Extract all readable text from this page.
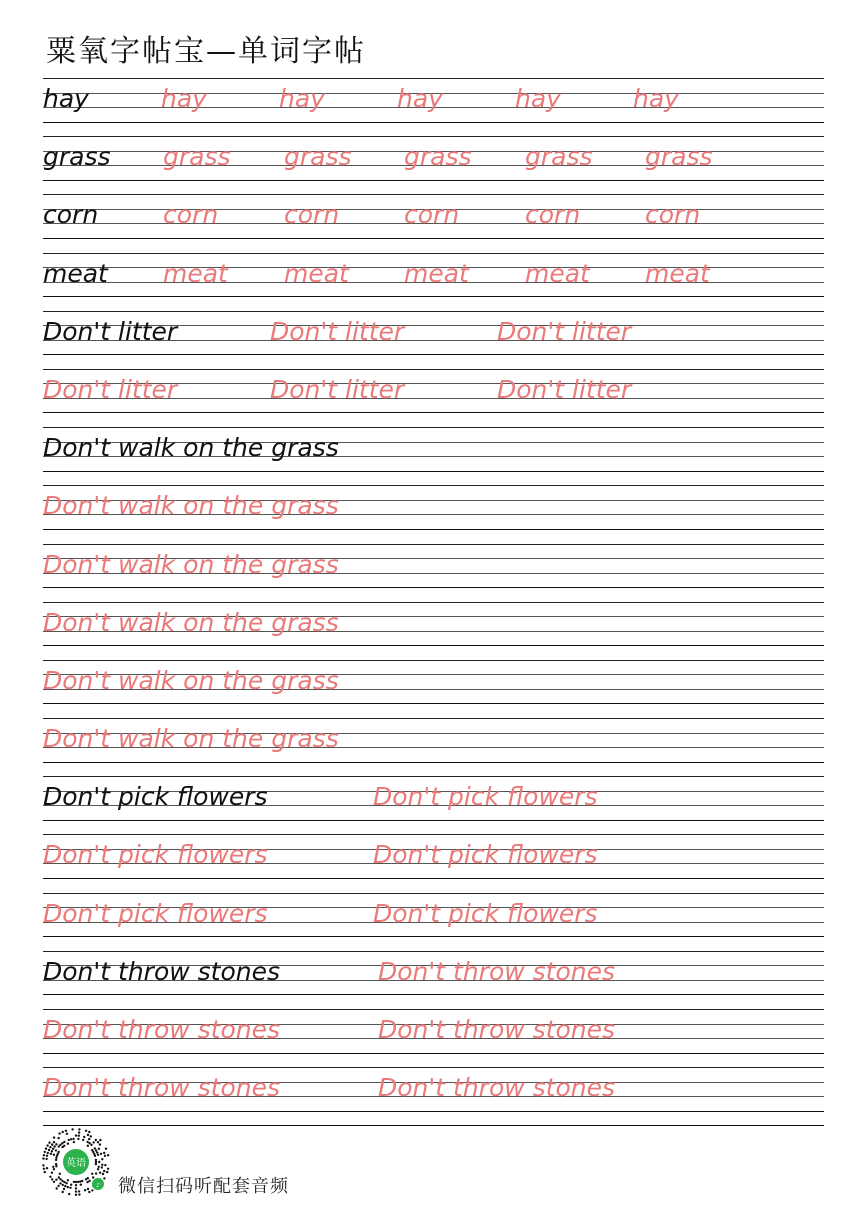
粟氧字帖宝—单词字帖
hay	hay	hay	hay	hay	hay
grass grass grass grass grass grass
corn	corn	corn	corn	corn	corn
meat meat meat meat meat meat
Don't litter	Don't litter	Don't litter
Don't litter	Don't litter	Don't litter
Don't walk on the grass
Don't walk on the grass
Don't walk on the grass
Don't walk on the grass
Don't walk on the grass
Don't walk on the grass
Don't pick flowers	Don't pick flowers
Don't pick flowers	Don't pick flowers
Don't pick flowers	Don't pick flowers
Don't throw stones	Don't throw stones
Don't throw stones	Don't throw stones
Don't throw stones	Don't throw stones
英语
♪ 微信扫码听配套音频
